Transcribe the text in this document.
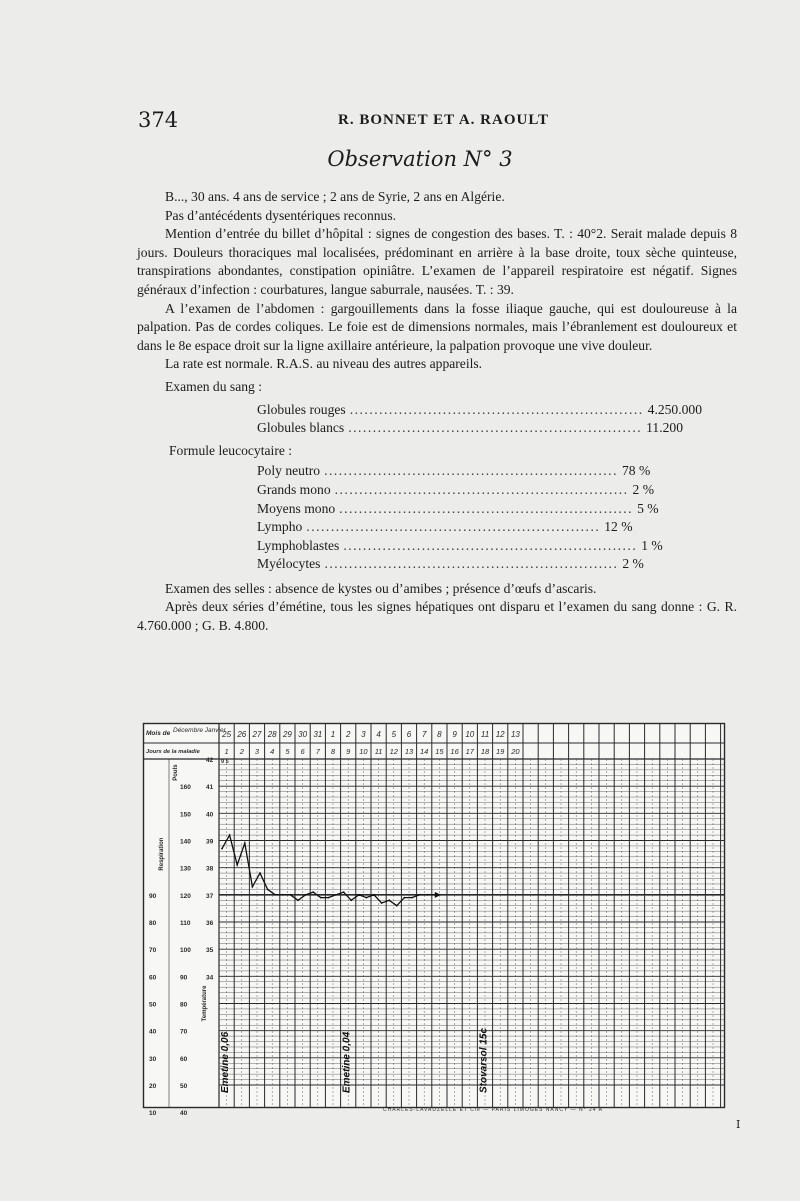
374	R. BONNET ET A. RAOULT
Observation N° 3

B..., 30 ans. 4 ans de service ; 2 ans de Syrie, 2 ans en Algérie.

Pas d’antécédents dysentériques reconnus.

Mention d’entrée du billet d’hôpital : signes de congestion des bases. T. : 40°2. Serait malade depuis 8 jours. Douleurs thoraciques mal localisées, prédominant en arrière à la base droite, toux sèche quinteuse, transpirations abondantes, constipation opiniâtre. L’examen de l’appareil respiratoire est négatif. Signes généraux d’infection : courbatures, langue saburrale, nausées. T. : 39.

A l’examen de l’abdomen : gargouillements dans la fosse iliaque gauche, qui est douloureuse à la palpation. Pas de cordes coliques. Le foie est de dimensions normales, mais l’ébranlement est douloureux et dans le 8e espace droit sur la ligne axillaire antérieure, la palpation provoque une vive douleur.

La rate est normale. R.A.S. au niveau des autres appareils.

Examen du sang :
Globules rouges ............................................................ 4.250.000
Globules blancs ............................................................ 11.200
Formule leucocytaire :
Poly neutro ............................................................ 78 %
Grands mono ............................................................ 2 %
Moyens mono ............................................................ 5 %
Lympho ............................................................ 12 %
Lymphoblastes ............................................................ 1 %
Myélocytes ............................................................ 2 %

Examen des selles : absence de kystes ou d’amibes ; présence d’œufs d’ascaris.

Après deux séries d’émétine, tous les signes hépatiques ont disparu et l’examen du sang donne : G. R. 4.760.000 ; G. B. 4.800.

Mois de Décembre Janvier
Jours de la maladie
25 26 27 28 29 30 31 1 2 3 4 5 6 7 8 9 10 11 12 13
1 2 3 4 5 6 7 8 9 10 11 12 13 14 15 16 17 18 19 20
42
41
40
39
38
37
36
35
34
160
150
140
130
120
110
100
90
80
70
60
50
40
90
80
70
60
50
40
30
20
10
Respiration
Pouls
Température
9 5
Emetine 0,06	Emetine 0,04	Stovarsol 15c
CHARLES-LAVAUZELLE ET Cie — PARIS LIMOGES NANCY — N° 24 A
I
